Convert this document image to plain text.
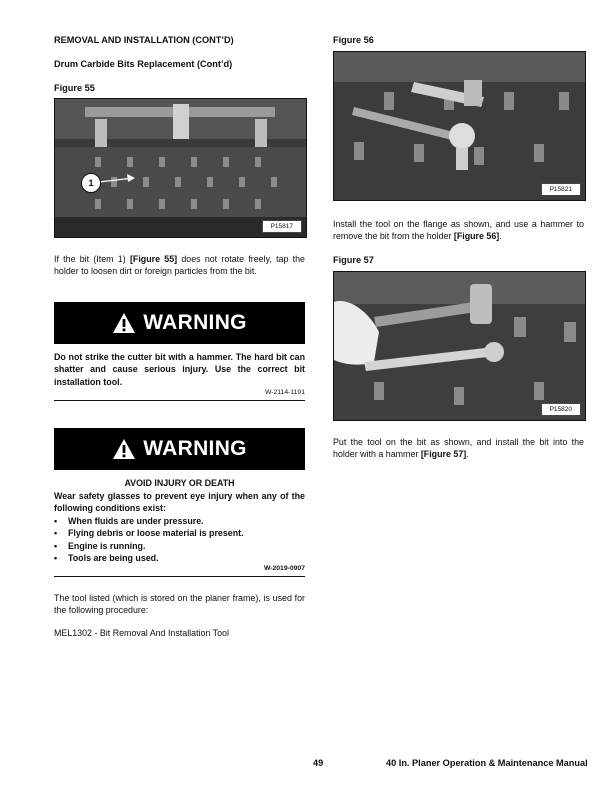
REMOVAL AND INSTALLATION (CONT’D)
Drum Carbide Bits Replacement (Cont’d)
Figure 55
1
P15817
If the bit (Item 1) [Figure 55] does not rotate freely, tap the holder to loosen dirt or foreign particles from the bit.
WARNING
Do not strike the cutter bit with a hammer. The hard bit can shatter and cause serious injury. Use the correct bit installation tool.
W-2114-1191
WARNING
AVOID INJURY OR DEATH
Wear safety glasses to prevent eye injury when any of the following conditions exist:
• When fluids are under pressure.
• Flying debris or loose material is present.
• Engine is running.
• Tools are being used.
W-2019-0907
The tool listed (which is stored on the planer frame), is used for the following procedure:
MEL1302 - Bit Removal And Installation Tool
Figure 56
P15821
Install the tool on the flange as shown, and use a hammer to remove the bit from the holder [Figure 56].
Figure 57
P15820
Put the tool on the bit as shown, and install the bit into the holder with a hammer [Figure 57].
49	40 In. Planer Operation & Maintenance Manual
